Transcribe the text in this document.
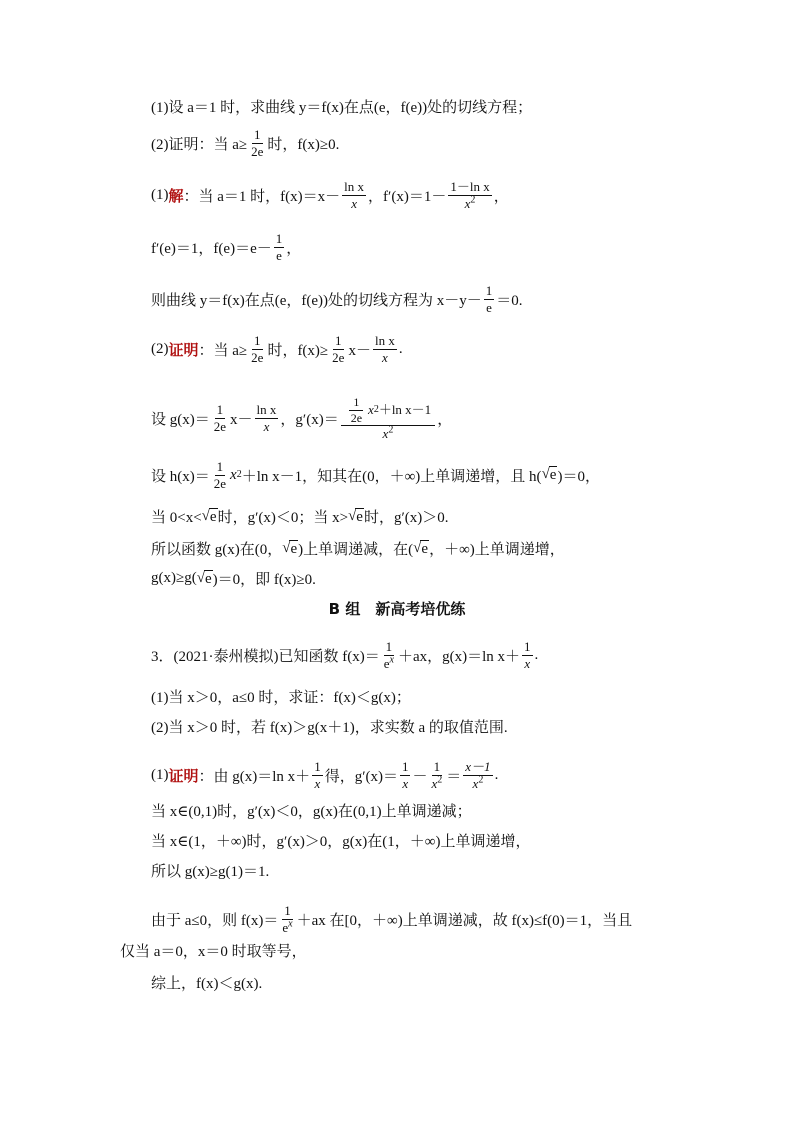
(1)设 a＝1 时，求曲线 y＝f(x)在点(e，f(e))处的切线方程；
(2)证明：当 $a\ge \frac{1}{2e}$ 时，f(x)≥0.
(1) 解 ：当 a＝1 时，$f(x)=x- \frac{\text{ln x}}{x}$ ，$f'(x)=1- \frac{\text{1－ln x}}{x^2}$ ，
f′(e)＝1，$f(e)=e- \frac{1}{e}$ ，
则曲线 y＝f(x)在点(e，f(e))处的切线方程为 $x-y- \frac{1}{e} =0$.
(2) 证明 ：当 $a\ge \frac{1}{2e}$ 时，$f(x)\ge \frac{1}{2e} x- \frac{\text{ln x}}{x}$ .
设 $g(x)= \frac{1}{2e} x- \frac{\text{ln x}}{x}$ ，$g'(x)= \frac{\frac{1}{2e} x 2 +\ln x-1}{x^2}$ ，
设 $h(x)= \frac{1}{2e}$ x 2 ＋ln x－1，知其在(0，＋∞)上单调递增，且 h( √ e )＝0，
当 0<x< √ e 时，g′(x)＜0；当 x> √ e 时，g′(x)＞0.
所以函数 g(x)在(0， √ e )上单调递减，在( √ e ，＋∞)上单调递增，
g(x)≥g( √ e )＝0，即 f(x)≥0.
B 组　新高考培优练
3．(2021·泰州模拟)已知函数 $f(x)= \frac{1}{e^x} +ax$，g(x)＝ln $x+ \frac{1}{x}$ .
(1)当 x＞0，a≤0 时，求证：f(x)＜g(x)；
(2)当 x＞0 时，若 f(x)＞g(x＋1)，求实数 a 的取值范围.
(1) 证明 ：由 g(x)＝ln $x+ \frac{1}{x}$ 得，$g'(x)= \frac{1}{x} - \frac{1}{x^2} = \frac{x-1}{x^2}$ .
当 x∈(0,1)时，g′(x)＜0，g(x)在(0,1)上单调递减；
当 x∈(1，＋∞)时，g′(x)＞0，g(x)在(1，＋∞)上单调递增，
所以 g(x)≥g(1)＝1.
由于 a≤0，则 $f(x)= \frac{1}{e^x} +ax$ 在[0，＋∞)上单调递减，故 f(x)≤f(0)＝1，当且
仅当 a＝0，x＝0 时取等号，
综上，f(x)＜g(x).
